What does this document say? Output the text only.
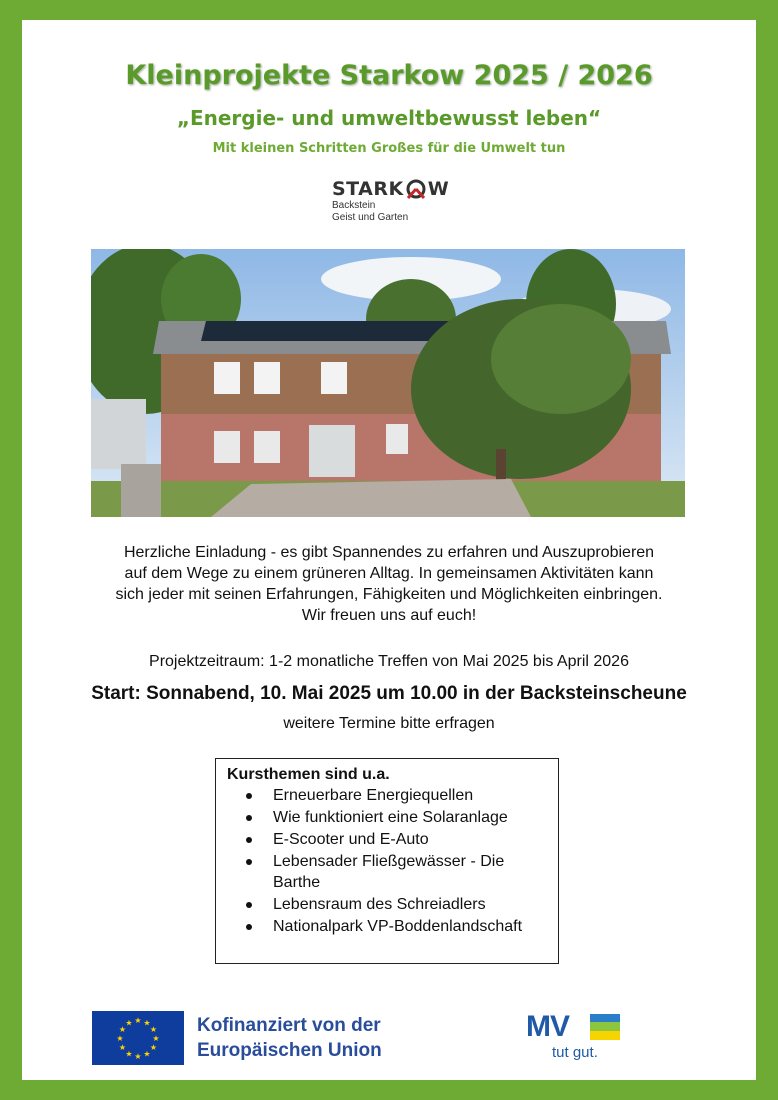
Kleinprojekte Starkow 2025 / 2026
„Energie- und umweltbewusst leben“
Mit kleinen Schritten Großes für die Umwelt tun
STARK W
Backstein
Geist und Garten

Herzliche Einladung - es gibt Spannendes zu erfahren und Auszuprobieren

auf dem Wege zu einem grüneren Alltag. In gemeinsamen Aktivitäten kann

sich jeder mit seinen Erfahrungen, Fähigkeiten und Möglichkeiten einbringen.

Wir freuen uns auf euch!

Projektzeitraum: 1-2 monatliche Treffen von Mai 2025 bis April 2026
Start: Sonnabend, 10. Mai 2025 um 10.00 in der Backsteinscheune
weitere Termine bitte erfragen
Kursthemen sind u.a.
Erneuerbare Energiequellen
Wie funktioniert eine Solaranlage
E-Scooter und E-Auto
Lebensader Fließgewässer - Die Barthe
Lebensraum des Schreiadlers
Nationalpark VP-Boddenlandschaft
★ ★
★
★
★
★
★
★
★
★
★
★	Kofinanziert von der
Europäischen Union
MV
tut gut.
